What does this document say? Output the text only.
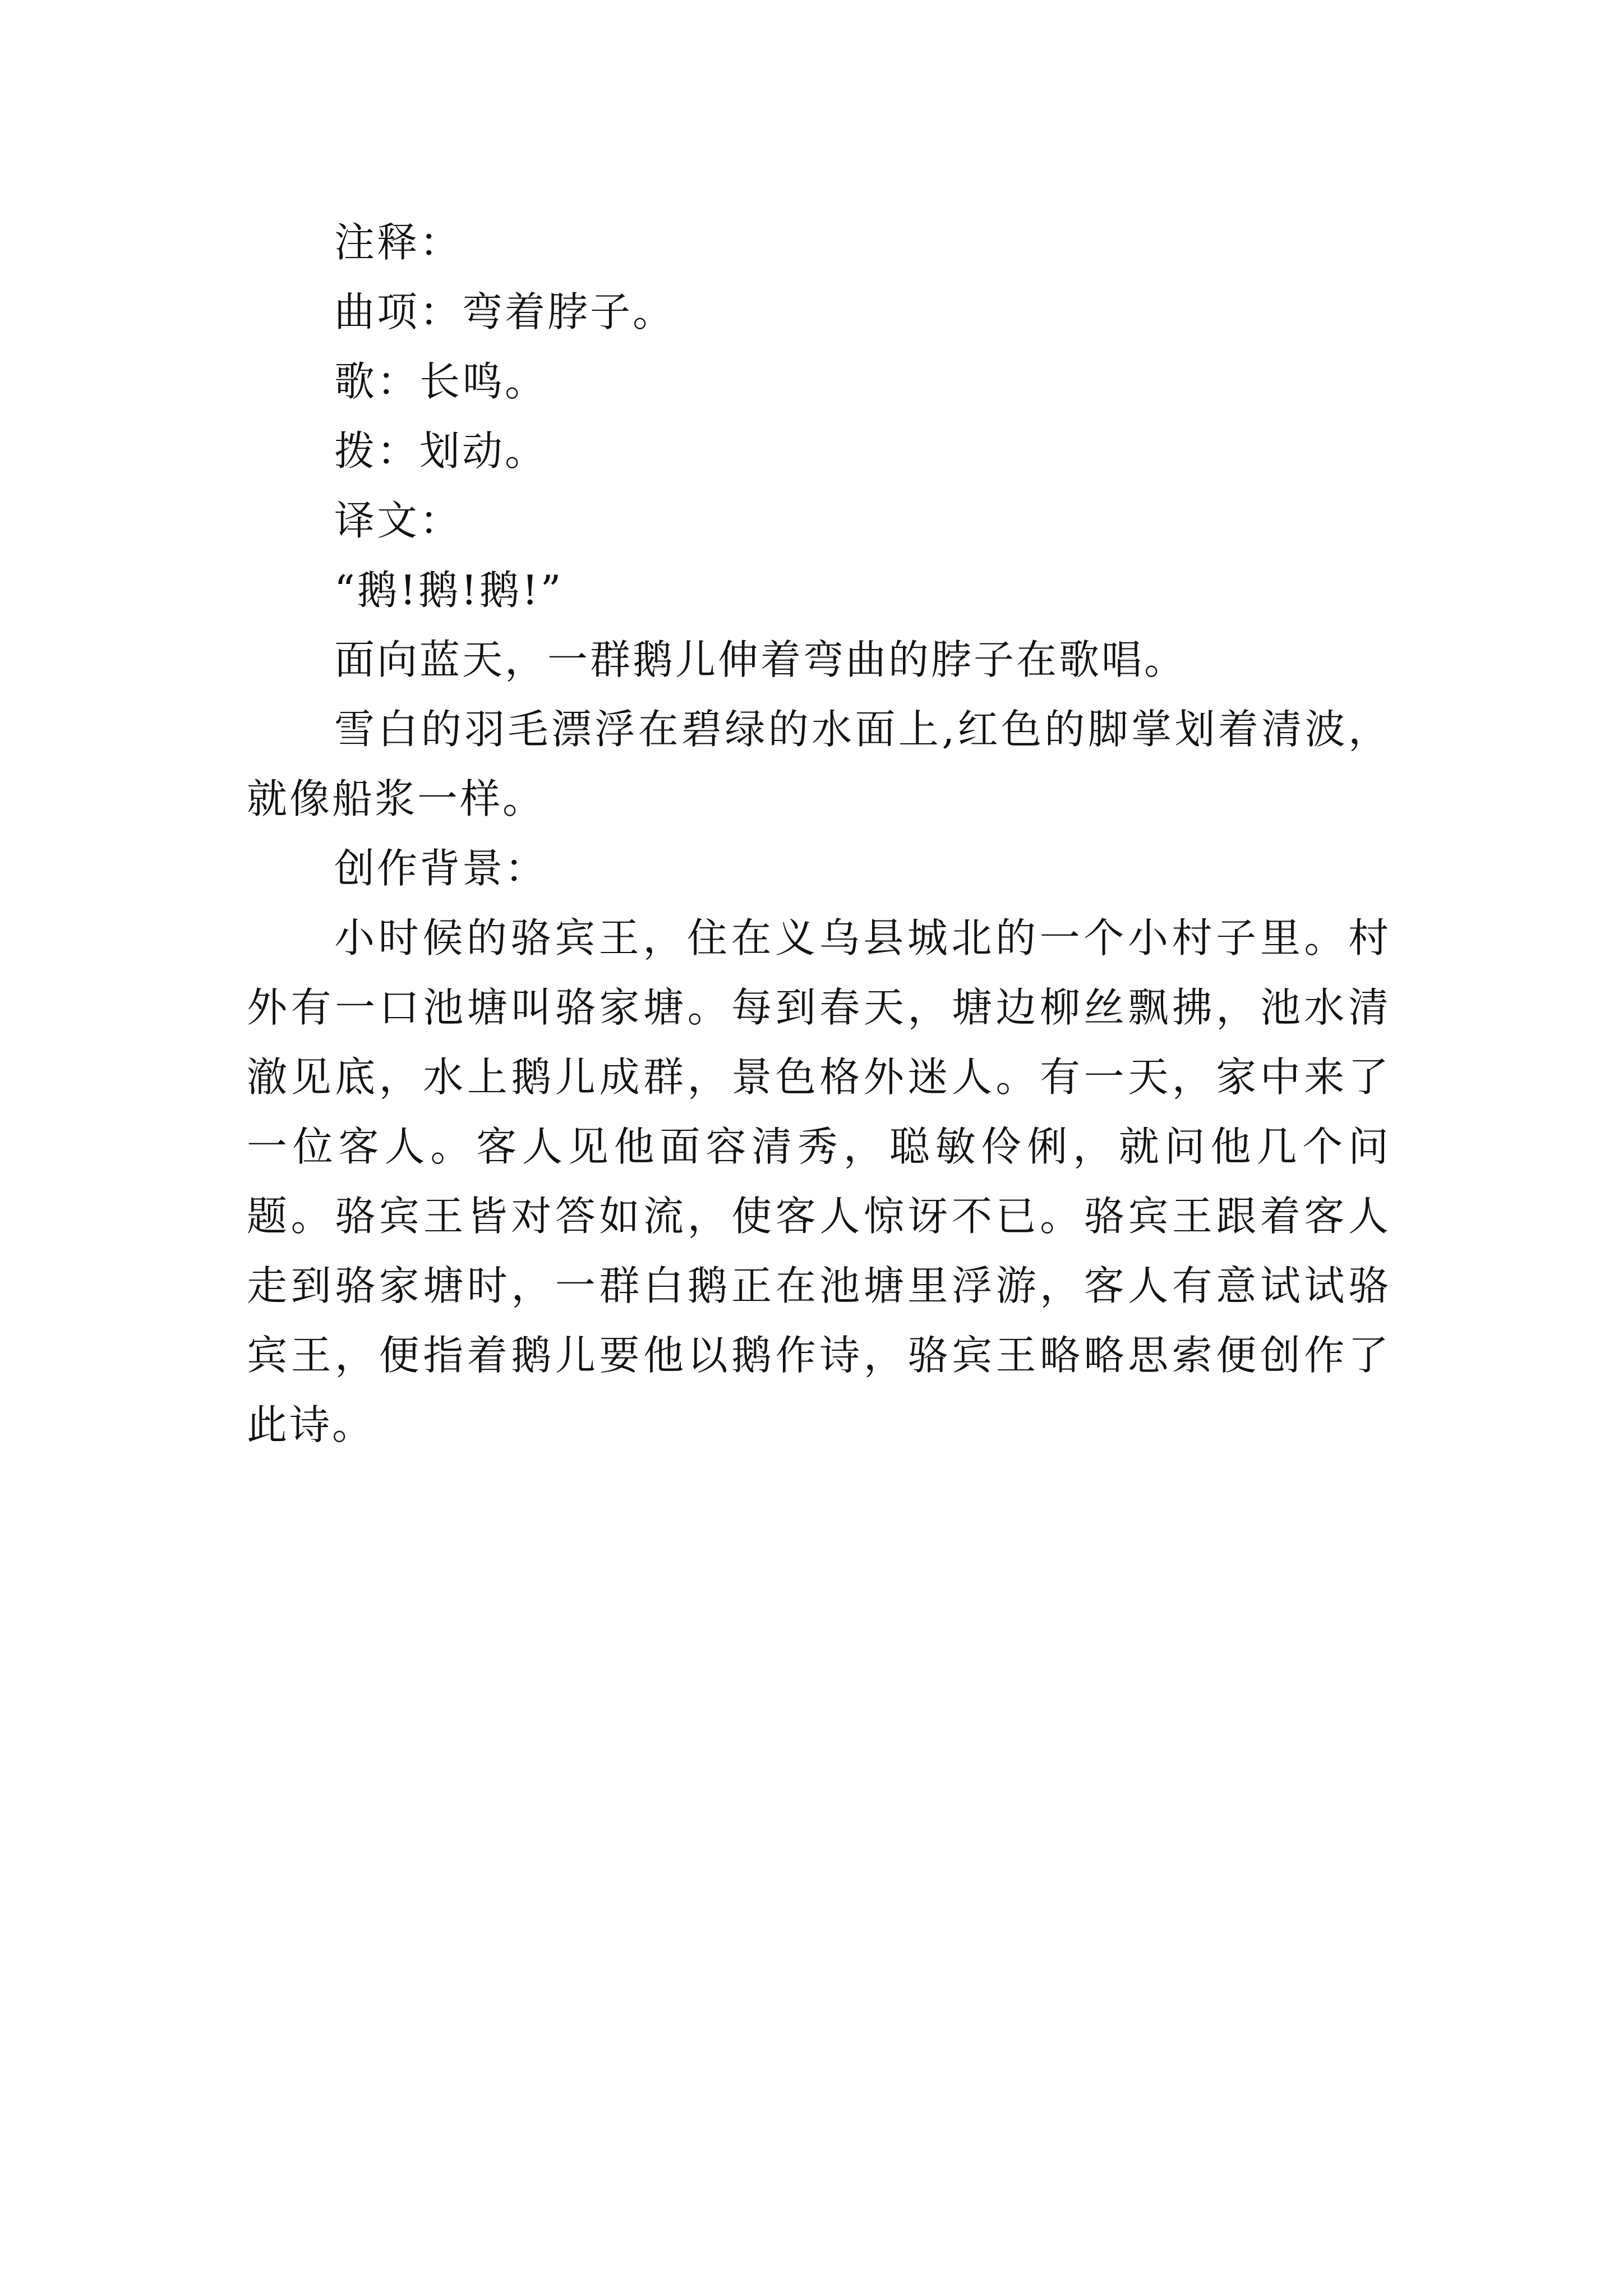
注释：

曲项：弯着脖子。

歌：长鸣。

拨：划动。

译文：

“鹅!鹅!鹅!”

面向蓝天，一群鹅儿伸着弯曲的脖子在歌唱。

雪白的羽毛漂浮在碧绿的水面上,红色的脚掌划着清波，就像船浆一样。

创作背景：

小时候的骆宾王，住在义乌县城北的一个小村子里。村外有一口池塘叫骆家塘。每到春天，塘边柳丝飘拂，池水清澈见底，水上鹅儿成群，景色格外迷人。有一天，家中来了一位客人。客人见他面容清秀，聪敏伶俐，就问他几个问题。骆宾王皆对答如流，使客人惊讶不已。骆宾王跟着客人走到骆家塘时，一群白鹅正在池塘里浮游，客人有意试试骆宾王，便指着鹅儿要他以鹅作诗，骆宾王略略思索便创作了此诗。
